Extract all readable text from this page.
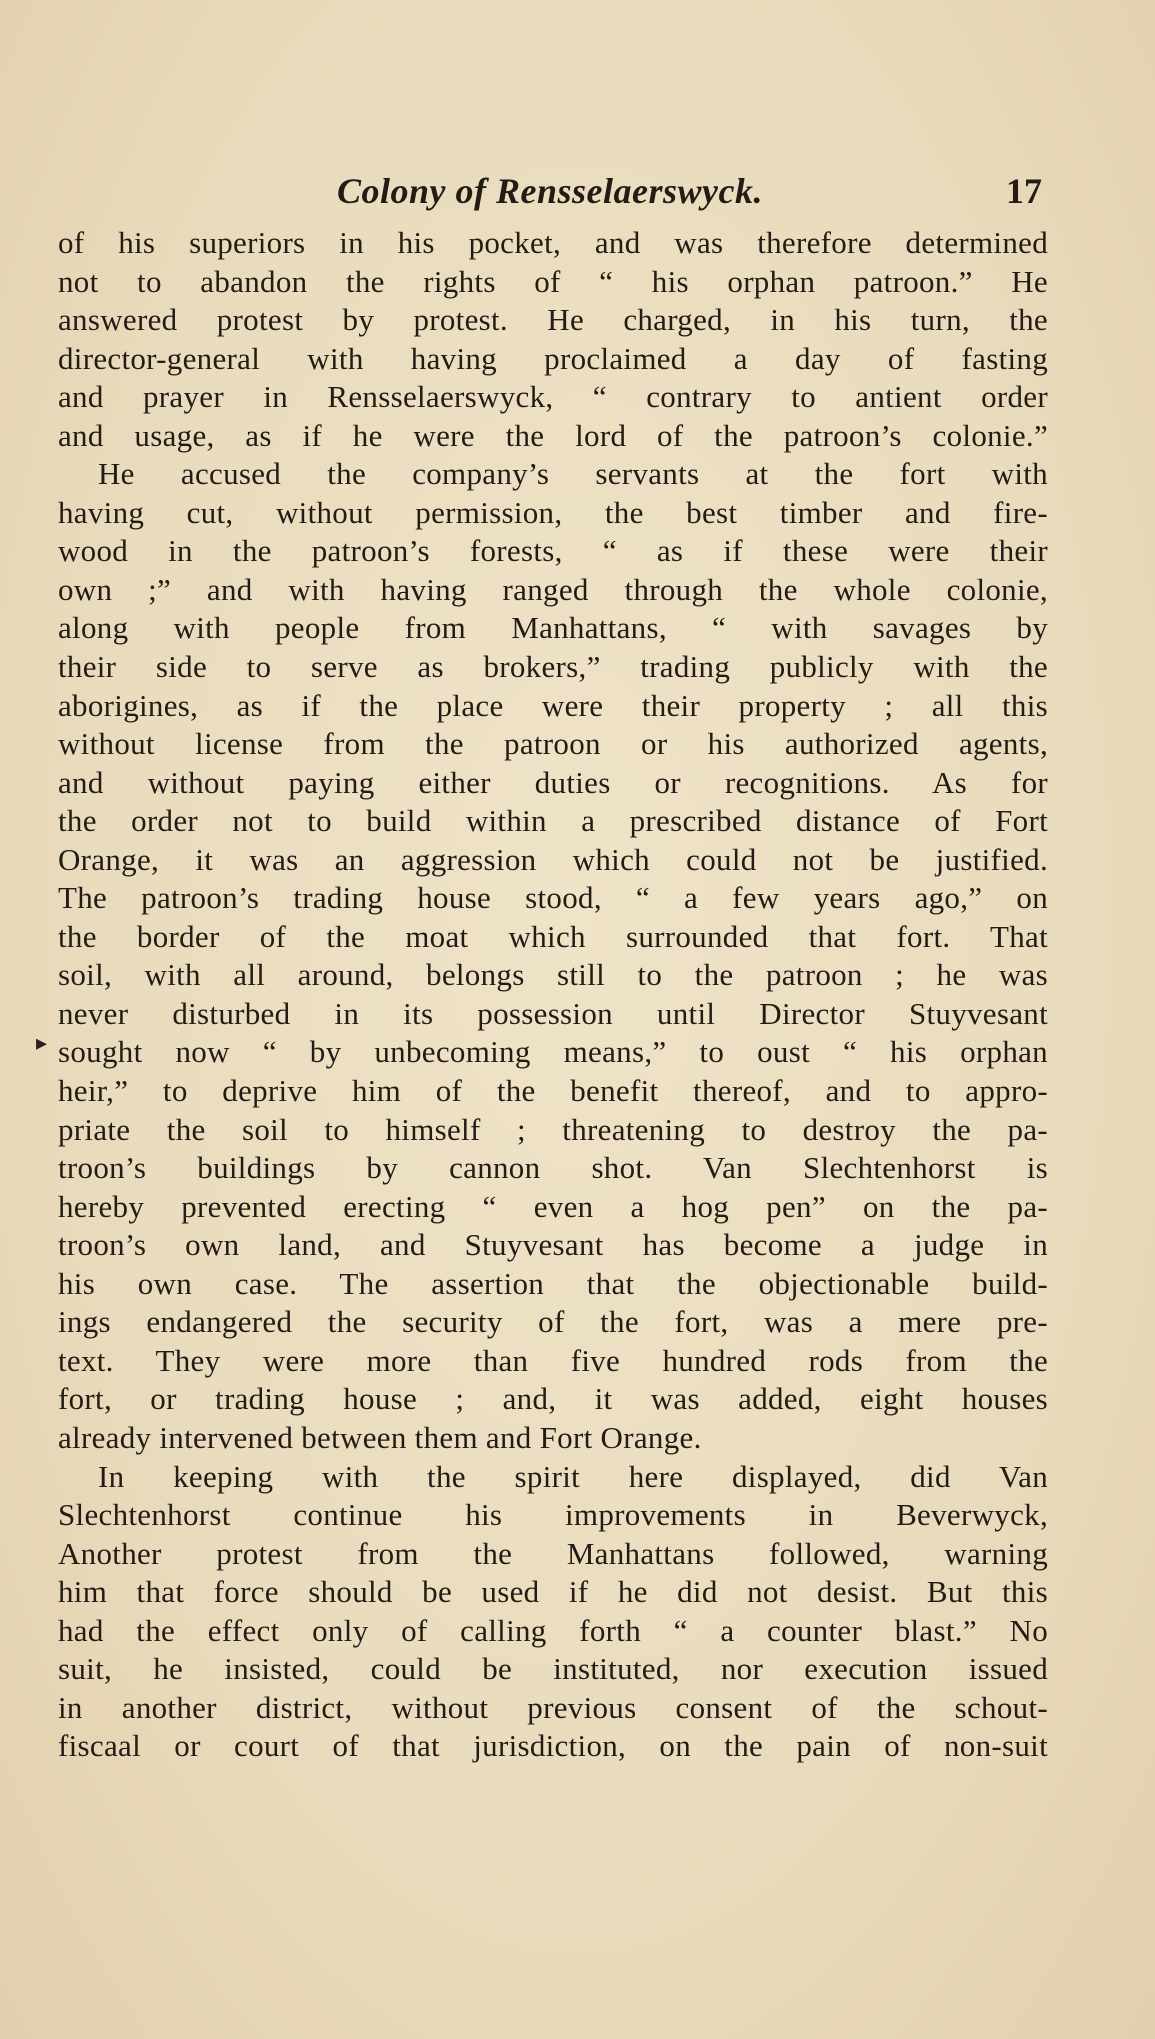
Colony of Rensselaerswyck.	17
▸
of his superiors in his pocket, and was therefore determined
not to abandon the rights of “ his orphan patroon.” He
answered protest by protest. He charged, in his turn, the
director-general with having proclaimed a day of fasting
and prayer in Rensselaerswyck, “ contrary to antient order
and usage, as if he were the lord of the patroon’s colonie.”
He accused the company’s servants at the fort with
having cut, without permission, the best timber and fire-
wood in the patroon’s forests, “ as if these were their
own ;” and with having ranged through the whole colonie,
along with people from Manhattans, “ with savages by
their side to serve as brokers,” trading publicly with the
aborigines, as if the place were their property ; all this
without license from the patroon or his authorized agents,
and without paying either duties or recognitions. As for
the order not to build within a prescribed distance of Fort
Orange, it was an aggression which could not be justified.
The patroon’s trading house stood, “ a few years ago,” on
the border of the moat which surrounded that fort. That
soil, with all around, belongs still to the patroon ; he was
never disturbed in its possession until Director Stuyvesant
sought now “ by unbecoming means,” to oust “ his orphan
heir,” to deprive him of the benefit thereof, and to appro-
priate the soil to himself ; threatening to destroy the pa-
troon’s buildings by cannon shot. Van Slechtenhorst is
hereby prevented erecting “ even a hog pen” on the pa-
troon’s own land, and Stuyvesant has become a judge in
his own case. The assertion that the objectionable build-
ings endangered the security of the fort, was a mere pre-
text. They were more than five hundred rods from the
fort, or trading house ; and, it was added, eight houses
already intervened between them and Fort Orange.
In keeping with the spirit here displayed, did Van
Slechtenhorst continue his improvements in Beverwyck,
Another protest from the Manhattans followed, warning
him that force should be used if he did not desist. But this
had the effect only of calling forth “ a counter blast.” No
suit, he insisted, could be instituted, nor execution issued
in another district, without previous consent of the schout-
fiscaal or court of that jurisdiction, on the pain of non-suit
